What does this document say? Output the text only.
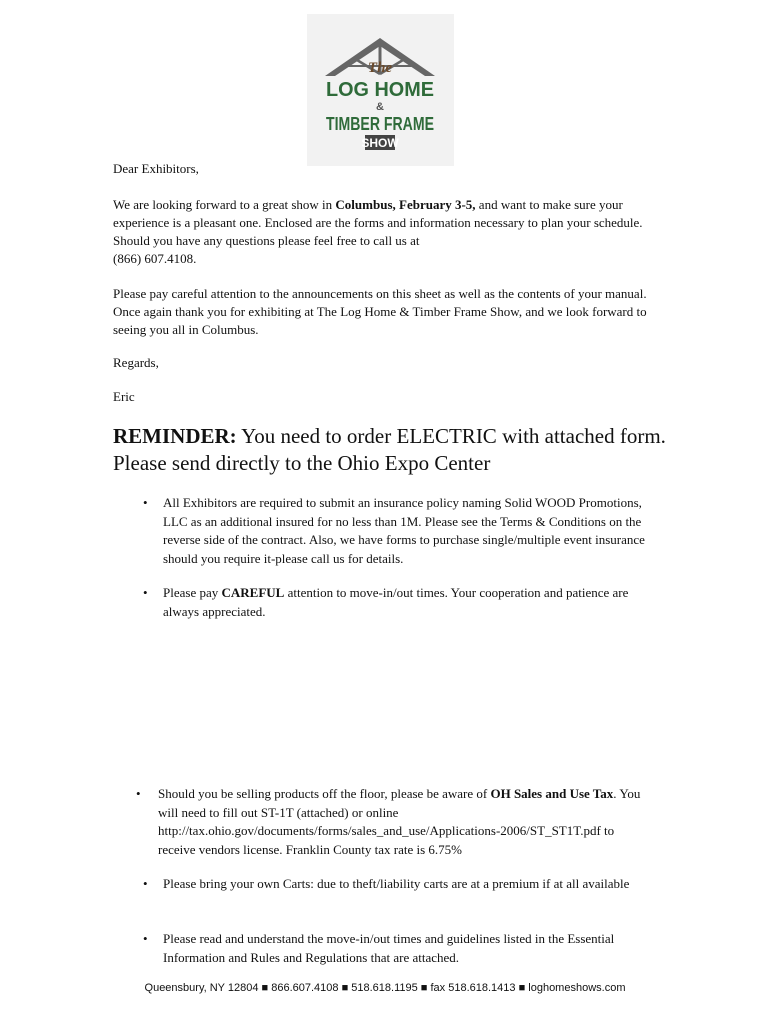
The
LOG HOME
&
TIMBER FRAME
SHOW

Dear Exhibitors,

We are looking forward to a great show in Columbus, February 3-5, and want to make sure your experience is a pleasant one. Enclosed are the forms and information necessary to plan your schedule. Should you have any questions please feel free to call us at

(866) 607.4108.

Please pay careful attention to the announcements on this sheet as well as the contents of your manual. Once again thank you for exhibiting at The Log Home & Timber Frame Show, and we look forward to seeing you all in Columbus.

Regards,

Eric

REMINDER: You need to order ELECTRIC with attached form. Please send directly to the Ohio Expo Center
• All Exhibitors are required to submit an insurance policy naming Solid WOOD Promotions, LLC as an additional insured for no less than 1M. Please see the Terms & Conditions on the reverse side of the contract. Also, we have forms to purchase single/multiple event insurance should you require it-please call us for details.
• Please pay CAREFUL attention to move-in/out times. Your cooperation and patience are always appreciated.
• Should you be selling products off the floor, please be aware of OH Sales and Use Tax. You will need to fill out ST-1T (attached) or online
http://tax.ohio.gov/documents/forms/sales_and_use/Applications-2006/ST_ST1T.pdf to receive vendors license. Franklin County tax rate is 6.75%
• Please bring your own Carts: due to theft/liability carts are at a premium if at all available
• Please read and understand the move-in/out times and guidelines listed in the Essential Information and Rules and Regulations that are attached.
Queensbury, NY 12804 ■ 866.607.4108 ■ 518.618.1195 ■ fax 518.618.1413 ■ loghomeshows.com
